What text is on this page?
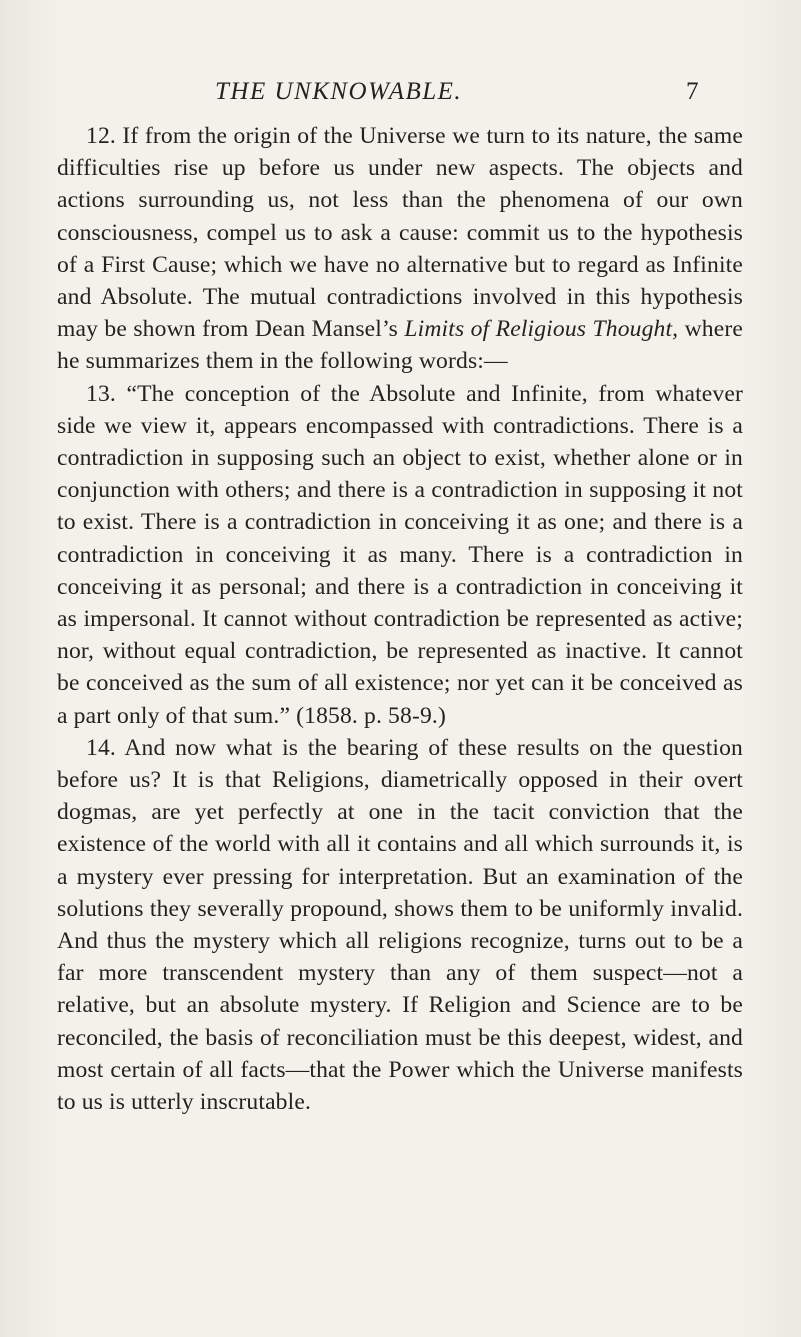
THE UNKNOWABLE.	7

12. If from the origin of the Universe we turn to its nature, the same difficulties rise up before us under new aspects. The objects and actions surrounding us, not less than the phenomena of our own consciousness, compel us to ask a cause: commit us to the hypothesis of a First Cause; which we have no alternative but to regard as Infinite and Absolute. The mutual contradictions involved in this hypothesis may be shown from Dean Mansel’s Limits of Religious Thought, where he summarizes them in the following words:—

13. “The conception of the Absolute and Infinite, from whatever side we view it, appears encompassed with contradictions. There is a contradiction in supposing such an object to exist, whether alone or in conjunction with others; and there is a contradiction in supposing it not to exist. There is a contradiction in conceiving it as one; and there is a contradiction in conceiving it as many. There is a contradiction in conceiving it as personal; and there is a contradiction in conceiving it as impersonal. It cannot without contradiction be represented as active; nor, without equal contradiction, be represented as inactive. It cannot be conceived as the sum of all existence; nor yet can it be conceived as a part only of that sum.” (1858. p. 58-9.)

14. And now what is the bearing of these results on the question before us? It is that Religions, diametrically opposed in their overt dogmas, are yet perfectly at one in the tacit conviction that the existence of the world with all it contains and all which surrounds it, is a mystery ever pressing for interpretation. But an examination of the solutions they severally propound, shows them to be uniformly invalid. And thus the mystery which all religions recognize, turns out to be a far more transcendent mystery than any of them suspect—not a relative, but an absolute mystery. If Religion and Science are to be reconciled, the basis of reconciliation must be this deepest, widest, and most certain of all facts—that the Power which the Universe manifests to us is utterly inscrutable.
